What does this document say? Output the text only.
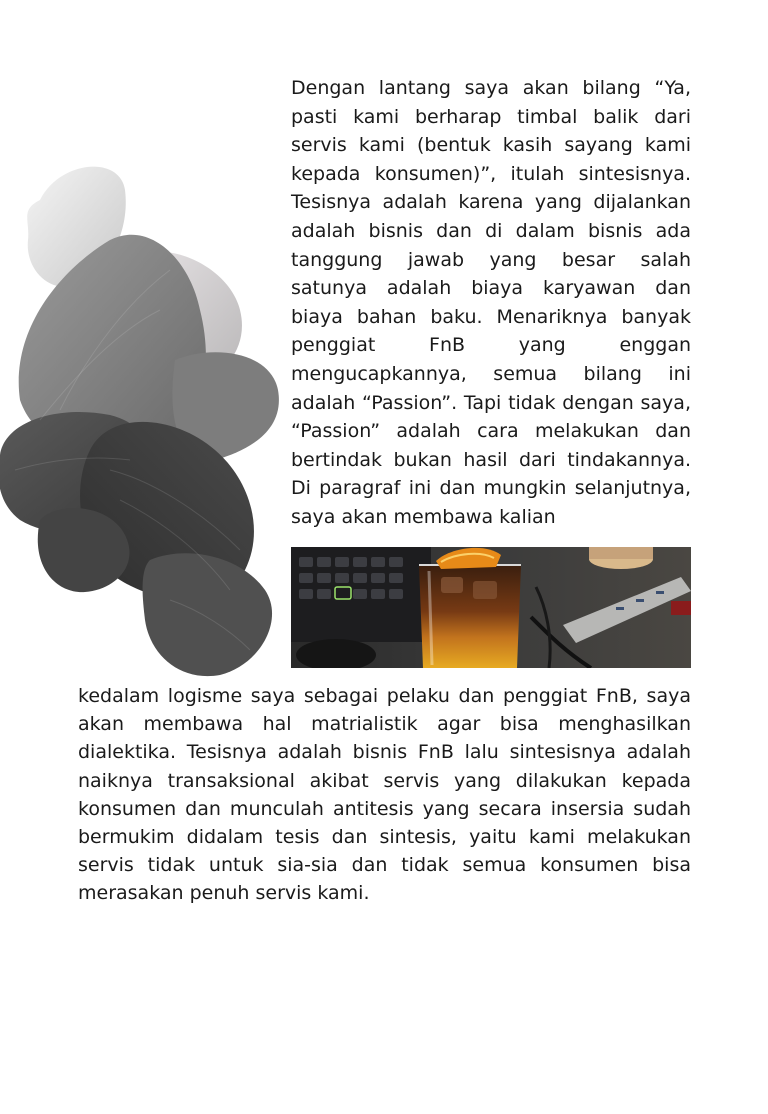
Dengan lantang saya akan bilang “Ya, pasti kami berharap timbal balik dari servis kami (bentuk kasih sayang kami kepada konsumen)”, itulah sintesisnya. Tesisnya adalah karena yang dijalankan adalah bisnis dan di dalam bisnis ada tanggung jawab yang besar salah satunya adalah biaya karyawan dan biaya bahan baku. Menariknya banyak penggiat FnB yang enggan mengucapkannya, semua bilang ini adalah “Passion”. Tapi tidak dengan saya, “Passion” adalah cara melakukan dan bertindak bukan hasil dari tindakannya. Di paragraf ini dan mungkin selanjutnya, saya akan membawa kalian

kedalam logisme saya sebagai pelaku dan penggiat FnB, saya akan membawa hal matrialistik agar bisa menghasilkan dialektika. Tesisnya adalah bisnis FnB lalu sintesisnya adalah naiknya transaksional akibat servis yang dilakukan kepada konsumen dan munculah antitesis yang secara insersia sudah bermukim didalam tesis dan sintesis, yaitu kami melakukan servis tidak untuk sia-sia dan tidak semua konsumen bisa merasakan penuh servis kami.
